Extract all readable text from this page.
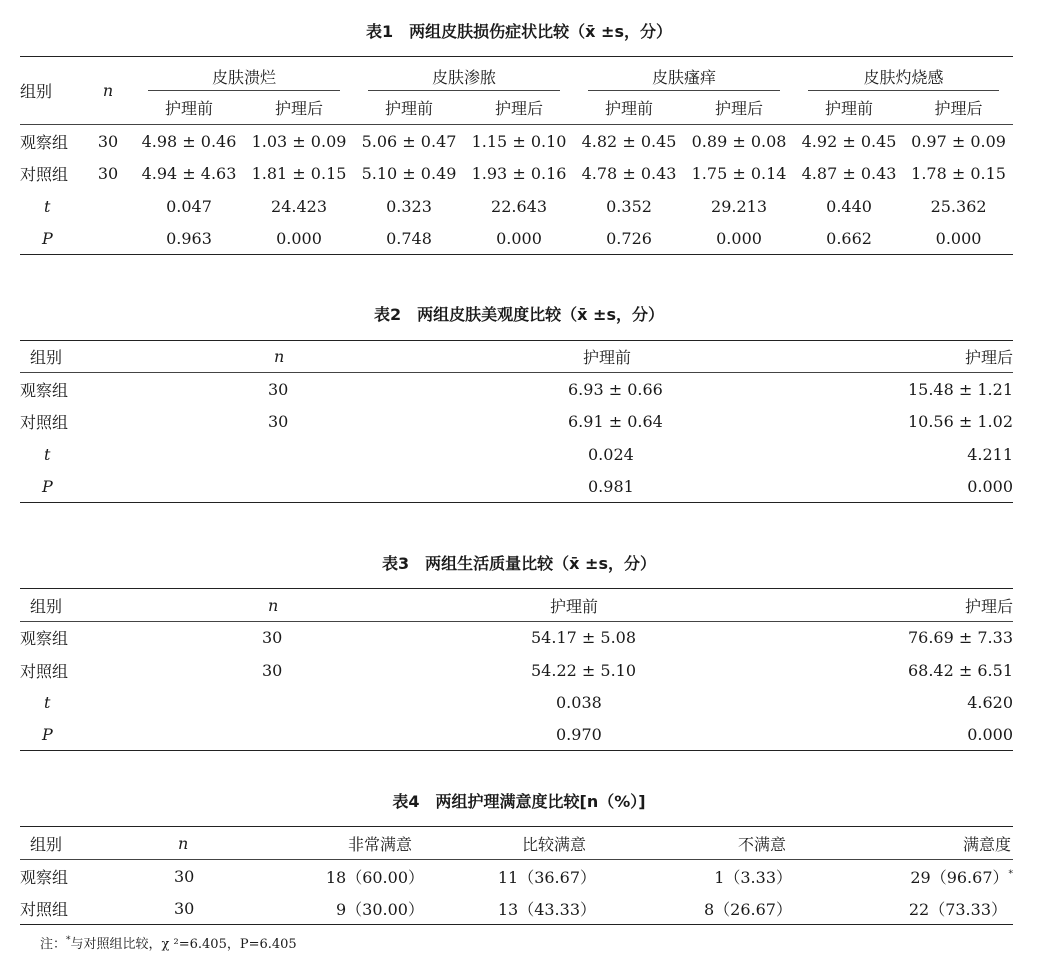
表1　两组皮肤损伤症状比较（x̄ ±s，分）
组别	n	皮肤溃烂		皮肤渗脓		皮肤瘙痒		皮肤灼烧感	

		护理前	护理后	护理前	护理后	护理前	护理后	护理前	护理后
观察组	30	4.98 ± 0.46	1.03 ± 0.09	5.06 ± 0.47	1.15 ± 0.10	4.82 ± 0.45	0.89 ± 0.08	4.92 ± 0.45	0.97 ± 0.09
对照组	30	4.94 ± 4.63	1.81 ± 0.15	5.10 ± 0.49	1.93 ± 0.16	4.78 ± 0.43	1.75 ± 0.14	4.87 ± 0.43	1.78 ± 0.15
t		0.047	24.423	0.323	22.643	0.352	29.213	0.440	25.362
P		0.963	0.000	0.748	0.000	0.726	0.000	0.662	0.000
表2　两组皮肤美观度比较（x̄ ±s，分）
组别	n	护理前	护理后
观察组	30	6.93 ± 0.66	15.48 ± 1.21
对照组	30	6.91 ± 0.64	10.56 ± 1.02
t		0.024	4.211
P		0.981	0.000
表3　两组生活质量比较（x̄ ±s，分）
组别	n	护理前	护理后
观察组	30	54.17 ± 5.08	76.69 ± 7.33
对照组	30	54.22 ± 5.10	68.42 ± 6.51
t		0.038	4.620
P		0.970	0.000
表4　两组护理满意度比较[n（%）]
组别	n	非常满意	比较满意	不满意	满意度
观察组	30	18（60.00）	11（36.67）	1（3.33）	29（96.67）*
对照组	30	9（30.00）	13（43.33）	8（26.67）	22（73.33）
注：*与对照组比较，χ ²=6.405，P=6.405
